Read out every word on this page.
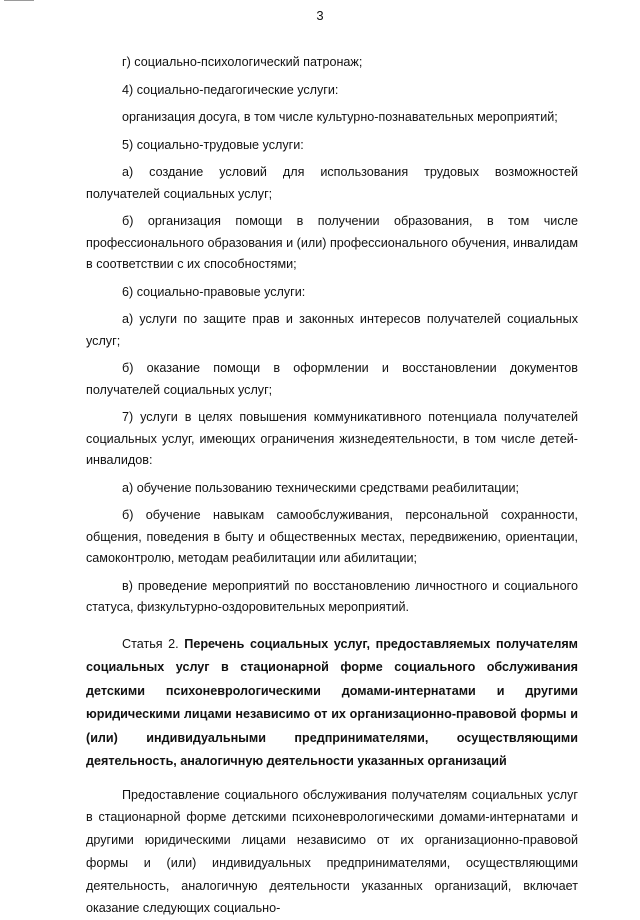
3

г) социально-психологический патронаж;

4) социально-педагогические услуги:

организация досуга, в том числе культурно-познавательных мероприятий;

5) социально-трудовые услуги:

а) создание условий для использования трудовых возможностей получателей социальных услуг;

б) организация помощи в получении образования, в том числе профессионального образования и (или) профессионального обучения, инвалидам в соответствии с их способностями;

6) социально-правовые услуги:

а) услуги по защите прав и законных интересов получателей социальных услуг;

б) оказание помощи в оформлении и восстановлении документов получателей социальных услуг;

7) услуги в целях повышения коммуникативного потенциала получателей социальных услуг, имеющих ограничения жизнедеятельности, в том числе детей-инвалидов:

а) обучение пользованию техническими средствами реабилитации;

б) обучение навыкам самообслуживания, персональной сохранности, общения, поведения в быту и общественных местах, передвижению, ориентации, самоконтролю, методам реабилитации или абилитации;

в) проведение мероприятий по восстановлению личностного и социального статуса, физкультурно-оздоровительных мероприятий.

Статья 2. Перечень социальных услуг, предоставляемых получателям социальных услуг в стационарной форме социального обслуживания детскими психоневрологическими домами-интернатами и другими юридическими лицами независимо от их организационно-правовой формы и (или) индивидуальными предпринимателями, осуществляющими деятельность, аналогичную деятельности указанных организаций

Предоставление социального обслуживания получателям социальных услуг в стационарной форме детскими психоневрологическими домами-интернатами и другими юридическими лицами независимо от их организационно-правовой формы и (или) индивидуальных предпринимателями, осуществляющими деятельность, аналогичную деятельности указанных организаций, включает оказание следующих социально-
